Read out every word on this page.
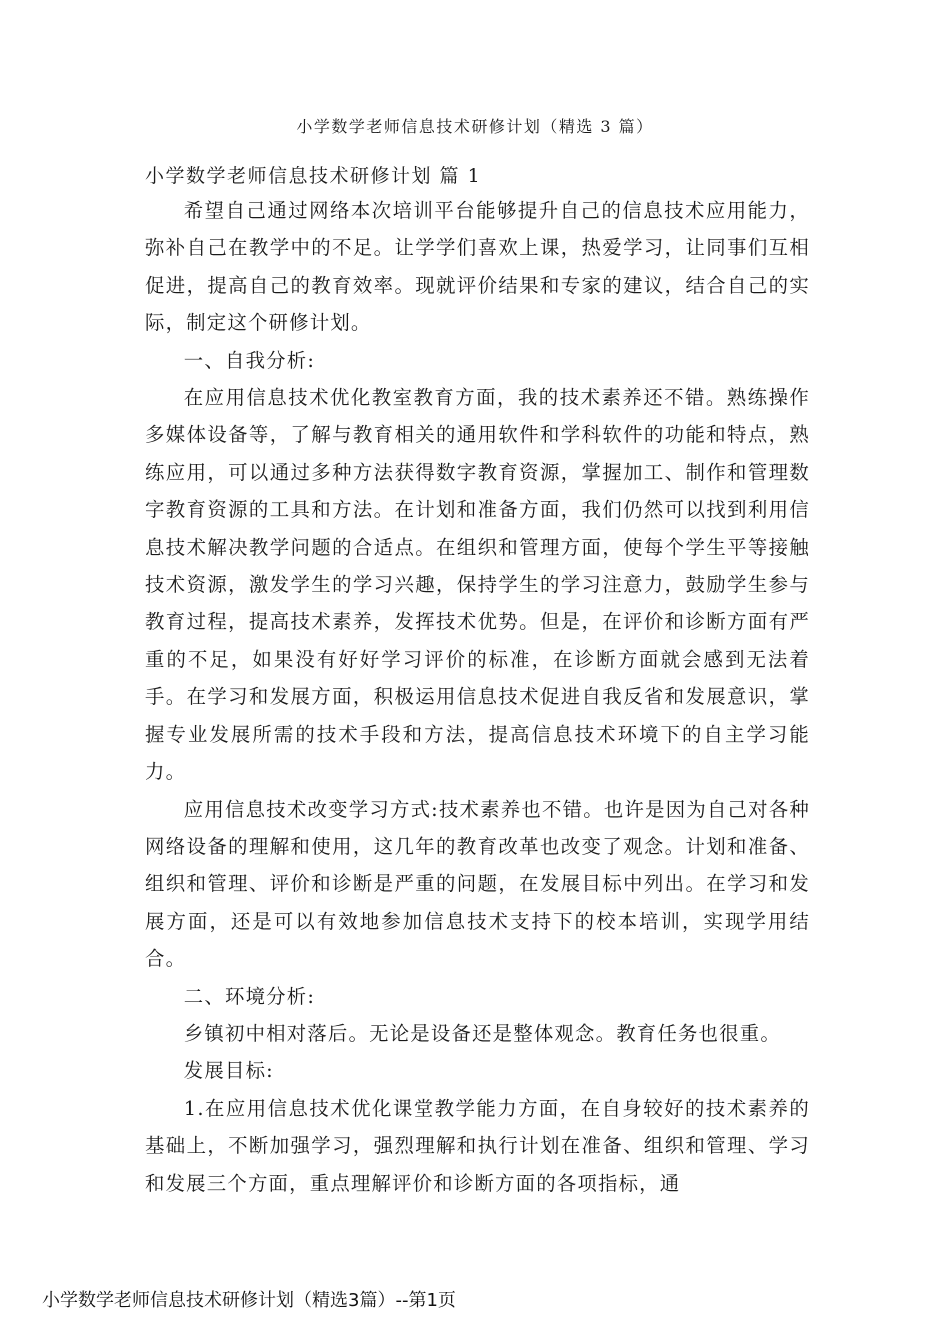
小学数学老师信息技术研修计划（精选 3 篇）
小学数学老师信息技术研修计划 篇 1

希望自己通过网络本次培训平台能够提升自己的信息技术应用能力，弥补自己在教学中的不足。让学学们喜欢上课，热爱学习，让同事们互相促进，提高自己的教育效率。现就评价结果和专家的建议，结合自己的实际，制定这个研修计划。

一、自我分析:

在应用信息技术优化教室教育方面，我的技术素养还不错。熟练操作多媒体设备等，了解与教育相关的通用软件和学科软件的功能和特点，熟练应用，可以通过多种方法获得数字教育资源，掌握加工、制作和管理数字教育资源的工具和方法。在计划和准备方面，我们仍然可以找到利用信息技术解决教学问题的合适点。在组织和管理方面，使每个学生平等接触技术资源，激发学生的学习兴趣，保持学生的学习注意力，鼓励学生参与教育过程，提高技术素养，发挥技术优势。但是，在评价和诊断方面有严重的不足，如果没有好好学习评价的标准，在诊断方面就会感到无法着手。在学习和发展方面，积极运用信息技术促进自我反省和发展意识，掌握专业发展所需的技术手段和方法，提高信息技术环境下的自主学习能力。

应用信息技术改变学习方式:技术素养也不错。也许是因为自己对各种网络设备的理解和使用，这几年的教育改革也改变了观念。计划和准备、组织和管理、评价和诊断是严重的问题，在发展目标中列出。在学习和发展方面，还是可以有效地参加信息技术支持下的校本培训，实现学用结合。

二、环境分析:

乡镇初中相对落后。无论是设备还是整体观念。教育任务也很重。

发展目标:

1.在应用信息技术优化课堂教学能力方面，在自身较好的技术素养的基础上，不断加强学习，强烈理解和执行计划在准备、组织和管理、学习和发展三个方面，重点理解评价和诊断方面的各项指标，通

小学数学老师信息技术研修计划（精选3篇）--第1页
